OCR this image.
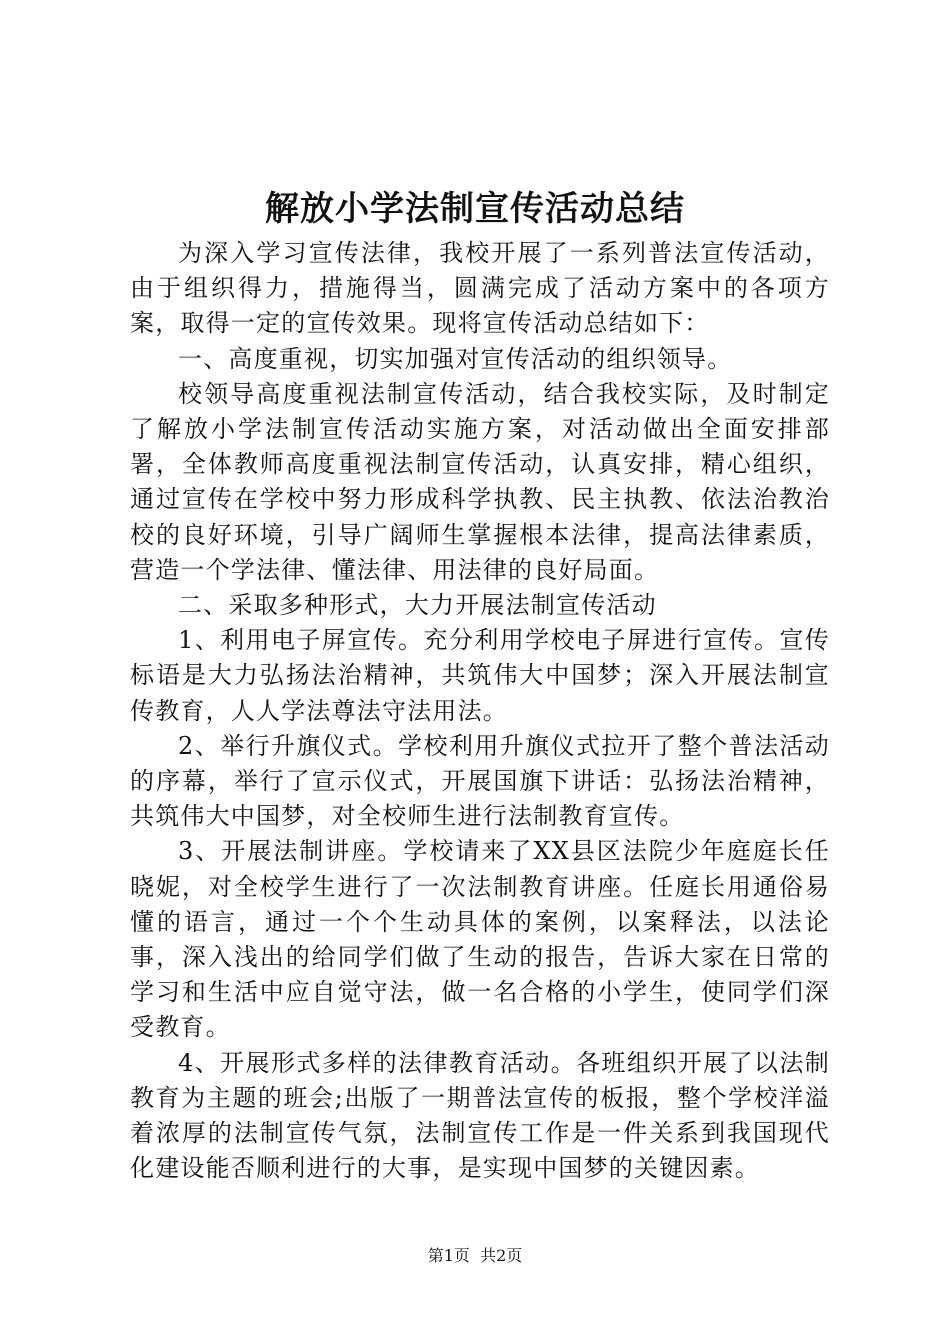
解放小学法制宣传活动总结

为深入学习宣传法律，我校开展了一系列普法宣传活动，由于组织得力，措施得当，圆满完成了活动方案中的各项方案，取得一定的宣传效果。现将宣传活动总结如下：

一、高度重视，切实加强对宣传活动的组织领导。

校领导高度重视法制宣传活动，结合我校实际，及时制定了解放小学法制宣传活动实施方案，对活动做出全面安排部署，全体教师高度重视法制宣传活动，认真安排，精心组织，通过宣传在学校中努力形成科学执教、民主执教、依法治教治校的良好环境，引导广阔师生掌握根本法律，提高法律素质，营造一个学法律、懂法律、用法律的良好局面。

二、采取多种形式，大力开展法制宣传活动

1、利用电子屏宣传。充分利用学校电子屏进行宣传。宣传标语是大力弘扬法治精神，共筑伟大中国梦；深入开展法制宣传教育，人人学法尊法守法用法。

2、举行升旗仪式。学校利用升旗仪式拉开了整个普法活动的序幕，举行了宣示仪式，开展国旗下讲话：弘扬法治精神，共筑伟大中国梦，对全校师生进行法制教育宣传。

3、开展法制讲座。学校请来了XX县区法院少年庭庭长任晓妮，对全校学生进行了一次法制教育讲座。任庭长用通俗易懂的语言，通过一个个生动具体的案例，以案释法，以法论事，深入浅出的给同学们做了生动的报告，告诉大家在日常的学习和生活中应自觉守法，做一名合格的小学生，使同学们深受教育。

4、开展形式多样的法律教育活动。各班组织开展了以法制教育为主题的班会;出版了一期普法宣传的板报，整个学校洋溢着浓厚的法制宣传气氛，法制宣传工作是一件关系到我国现代化建设能否顺利进行的大事，是实现中国梦的关键因素。

第1页  共2页
